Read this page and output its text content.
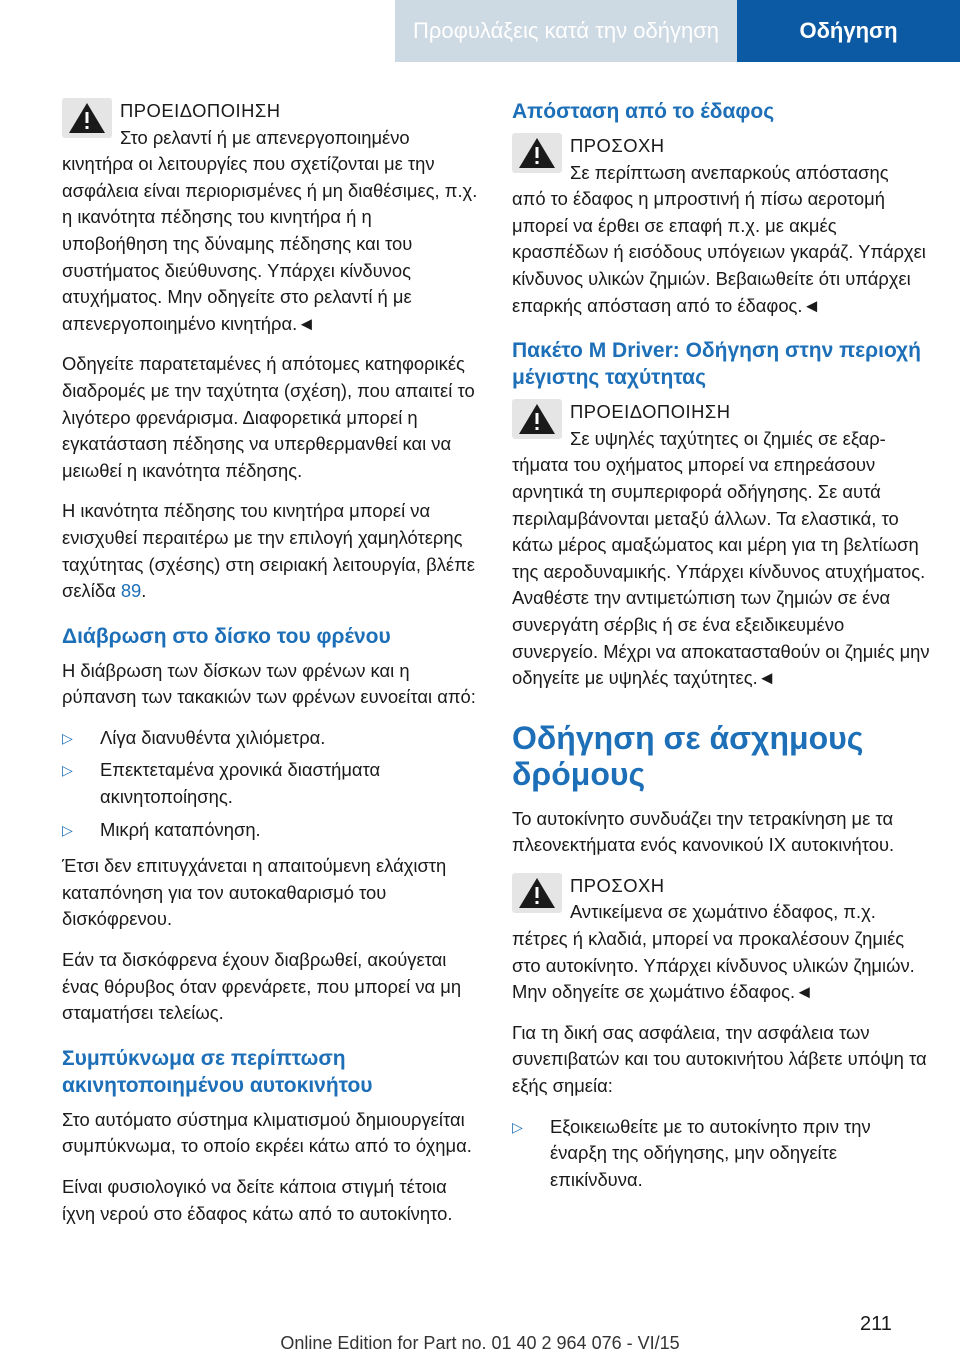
Προφυλάξεις κατά την οδήγηση	Οδήγηση
ΠΡΟΕΙΔΟΠΟΙΗΣΗ
Στο ρελαντί ή με απενεργοποιημένο
κινητήρα οι λειτουργίες που σχετίζονται με την ασφάλεια είναι περιορισμένες ή μη διαθέσιμες, π.χ. η ικανότητα πέδησης του κινητήρα ή η υποβοήθηση της δύναμης πέδησης και του συστήματος διεύθυνσης. Υπάρχει κίνδυνος ατυχήματος. Μην οδηγείτε στο ρελαντί ή με απενεργοποιημένο κινητήρα.◄

Οδηγείτε παρατεταμένες ή απότομες κατηφορικές διαδρομές με την ταχύτητα (σχέση), που απαιτεί το λιγότερο φρενάρισμα. Διαφορετικά μπορεί η εγκατάσταση πέδησης να υπερθερμανθεί και να μειωθεί η ικανότητα πέδησης.

Η ικανότητα πέδησης του κινητήρα μπορεί να ενισχυθεί περαιτέρω με την επιλογή χαμηλότερης ταχύτητας (σχέσης) στη σειριακή λειτουργία, βλέπε σελίδα 89.

Διάβρωση στο δίσκο του φρένου

Η διάβρωση των δίσκων των φρένων και η ρύπανση των τακακιών των φρένων ευνοείται από:

▷ Λίγα διανυθέντα χιλιόμετρα.
▷ Επεκτεταμένα χρονικά διαστήματα ακινητοποίησης.
▷ Μικρή καταπόνηση.

Έτσι δεν επιτυγχάνεται η απαιτούμενη ελάχιστη καταπόνηση για τον αυτοκαθαρισμό του δισκόφρενου.

Εάν τα δισκόφρενα έχουν διαβρωθεί, ακούγεται ένας θόρυβος όταν φρενάρετε, που μπορεί να μη σταματήσει τελείως.

Συμπύκνωμα σε περίπτωση ακινητοποιημένου αυτοκινήτου

Στο αυτόματο σύστημα κλιματισμού δημιουργείται συμπύκνωμα, το οποίο εκρέει κάτω από το όχημα.

Είναι φυσιολογικό να δείτε κάποια στιγμή τέτοια ίχνη νερού στο έδαφος κάτω από το αυτοκίνητο.

Απόσταση από το έδαφος
ΠΡΟΣΟΧΗ
Σε περίπτωση ανεπαρκούς απόστασης
από το έδαφος η μπροστινή ή πίσω αεροτομή μπορεί να έρθει σε επαφή π.χ. με ακμές κρασπέδων ή εισόδους υπόγειων γκαράζ. Υπάρχει κίνδυνος υλικών ζημιών. Βεβαιωθείτε ότι υπάρχει επαρκής απόσταση από το έδαφος.◄
Πακέτο M Driver: Οδήγηση στην περιοχή μέγιστης ταχύτητας
ΠΡΟΕΙΔΟΠΟΙΗΣΗ
Σε υψηλές ταχύτητες οι ζημιές σε εξαρ-
τήματα του οχήματος μπορεί να επηρεάσουν αρνητικά τη συμπεριφορά οδήγησης. Σε αυτά περιλαμβάνονται μεταξύ άλλων. Τα ελαστικά, το κάτω μέρος αμαξώματος και μέρη για τη βελτίωση της αεροδυναμικής. Υπάρχει κίνδυνος ατυχήματος. Αναθέστε την αντιμετώπιση των ζημιών σε ένα συνεργάτη σέρβις ή σε ένα εξειδικευμένο συνεργείο. Μέχρι να αποκατασταθούν οι ζημιές μην οδηγείτε με υψηλές ταχύτητες.◄
Οδήγηση σε άσχημους δρόμους

Το αυτοκίνητο συνδυάζει την τετρακίνηση με τα πλεονεκτήματα ενός κανονικού IX αυτοκινήτου.

ΠΡΟΣΟΧΗ
Αντικείμενα σε χωμάτινο έδαφος, π.χ.
πέτρες ή κλαδιά, μπορεί να προκαλέσουν ζημιές στο αυτοκίνητο. Υπάρχει κίνδυνος υλικών ζημιών. Μην οδηγείτε σε χωμάτινο έδαφος.◄

Για τη δική σας ασφάλεια, την ασφάλεια των συνεπιβατών και του αυτοκινήτου λάβετε υπόψη τα εξής σημεία:

▷ Εξοικειωθείτε με το αυτοκίνητο πριν την έναρξη της οδήγησης, μην οδηγείτε επικίνδυνα.
211
Online Edition for Part no. 01 40 2 964 076 - VI/15
